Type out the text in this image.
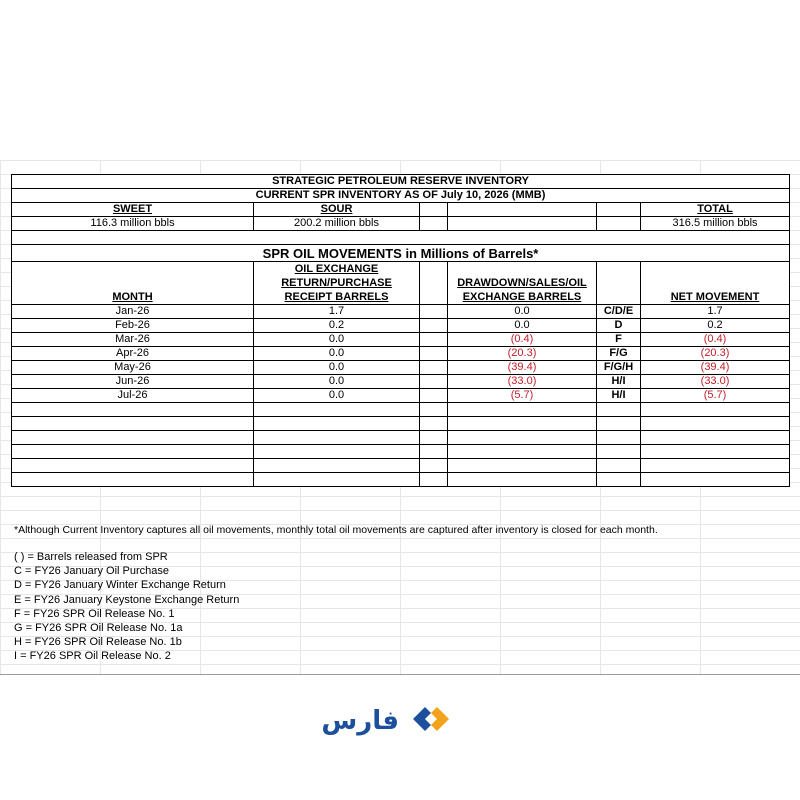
STRATEGIC PETROLEUM RESERVE INVENTORY					
CURRENT SPR INVENTORY AS OF July 10, 2026 (MMB)					
SWEET	SOUR				TOTAL
116.3 million bbls	200.2 million bbls				316.5 million bbls

SPR OIL MOVEMENTS in Millions of Barrels*					
MONTH	OIL EXCHANGE
RETURN/PURCHASE
RECEIPT BARRELS		DRAWDOWN/SALES/OIL
EXCHANGE BARRELS		NET MOVEMENT
Jan-26	1.7		0.0	C/D/E	1.7
Feb-26	0.2		0.0	D	0.2
Mar-26	0.0		(0.4)	F	(0.4)
Apr-26	0.0		(20.3)	F/G	(20.3)
May-26	0.0		(39.4)	F/G/H	(39.4)
Jun-26	0.0		(33.0)	H/I	(33.0)
Jul-26	0.0		(5.7)	H/I	(5.7)

*Although Current Inventory captures all oil movements, monthly total oil movements are captured after inventory is closed for each month.
( ) = Barrels released from SPR
C = FY26 January Oil Purchase
D = FY26 January Winter Exchange Return
E = FY26 January Keystone Exchange Return
F = FY26 SPR Oil Release No. 1
G = FY26 SPR Oil Release No. 1a
H = FY26 SPR Oil Release No. 1b
I = FY26 SPR Oil Release No. 2
فارس
